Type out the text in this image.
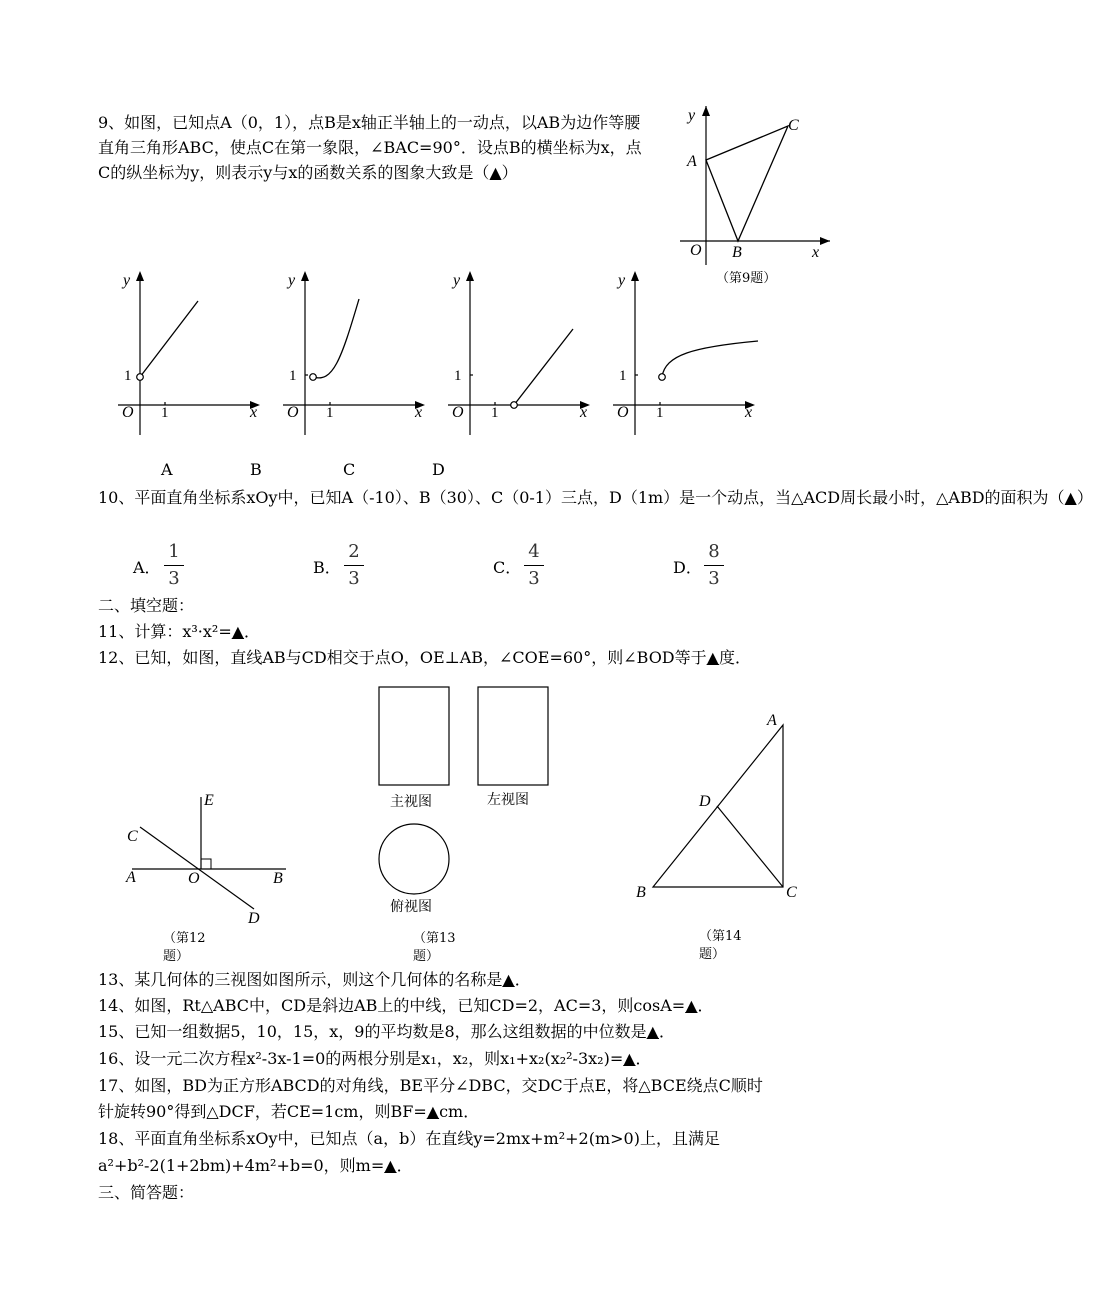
9、如图，已知点A（0，1），点B是x轴正半轴上的一动点，以AB为边作等腰直角三角形ABC，使点C在第一象限，∠BAC=90°．设点B的横坐标为x，点C的纵坐标为y，则表示y与x的函数关系的图象大致是（▲）
y
x
O
A
B
C
（第9题）
y
1
O 1	x
y
1
O 1	x
y
1
O 1	x
y
1
O 1	x
A	B	C	D
10、平面直角坐标系xOy中，已知A（-10）、B（30）、C（0-1）三点，D（1m）是一个动点，当△ACD周长最小时，△ABD的面积为（▲）
A．
1
3
B．
2
3
C．
4
3
D．
8
3
二、填空题：
11、计算：x³·x²=▲．
12、已知，如图，直线AB与CD相交于点O，OE⊥AB，∠COE=60°，则∠BOD等于▲度．
E
C
A	O	B
D
（第12
题）
主视图	左视图
俯视图
（第13
题）
A
D
B	C
（第14
题）
13、某几何体的三视图如图所示，则这个几何体的名称是▲．
14、如图，Rt△ABC中，CD是斜边AB上的中线，已知CD=2，AC=3，则cosA=▲．
15、已知一组数据5，10，15，x，9的平均数是8，那么这组数据的中位数是▲．
16、设一元二次方程x²-3x-1=0的两根分别是x₁，x₂，则x₁+x₂(x₂²-3x₂)=▲．
17、如图，BD为正方形ABCD的对角线，BE平分∠DBC，交DC于点E，将△BCE绕点C顺时
针旋转90°得到△DCF，若CE=1cm，则BF=▲cm．
18、平面直角坐标系xOy中，已知点（a，b）在直线y=2mx+m²+2(m>0)上，且满足
a²+b²-2(1+2bm)+4m²+b=0，则m=▲．
三、简答题：
